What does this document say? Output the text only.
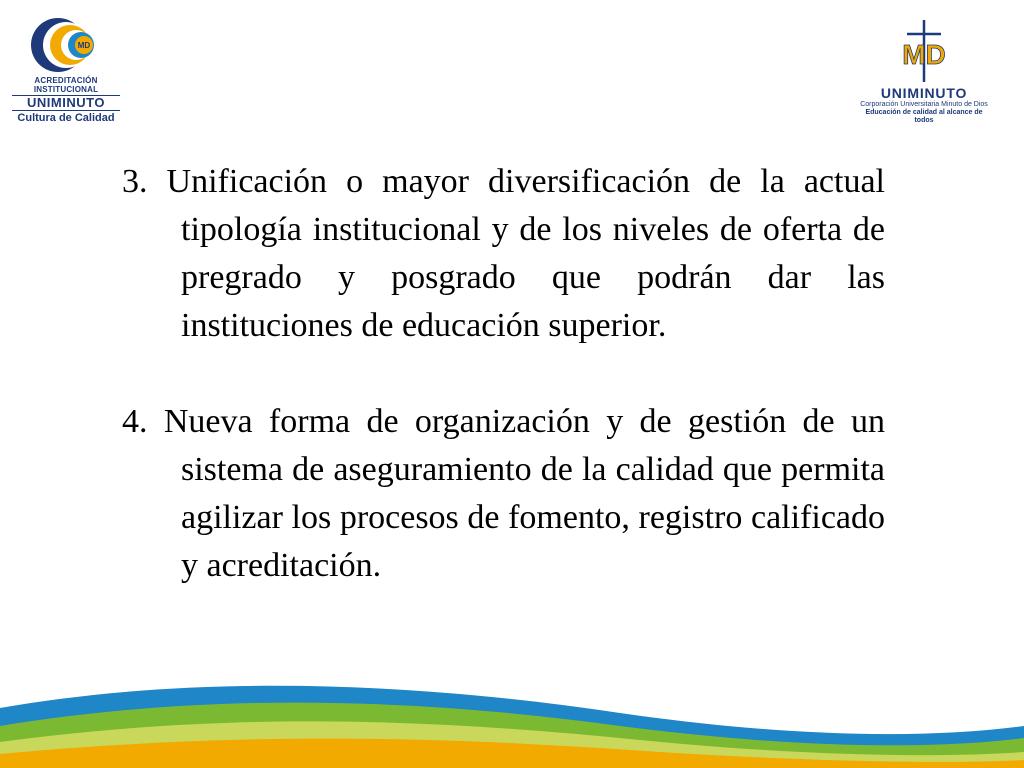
MD
ACREDITACIÓN INSTITUCIONAL
UNIMINUTO
Cultura de Calidad
MD
UNIMINUTO
Corporación Universitaria Minuto de Dios
Educación de calidad al alcance de todos

3. Unificación o mayor diversificación de la actual tipología institucional y de los niveles de oferta de pregrado y posgrado que podrán dar las instituciones de educación superior.

4. Nueva forma de organización y de gestión de un sistema de aseguramiento de la calidad que permita agilizar los procesos de fomento, registro calificado y acreditación.
